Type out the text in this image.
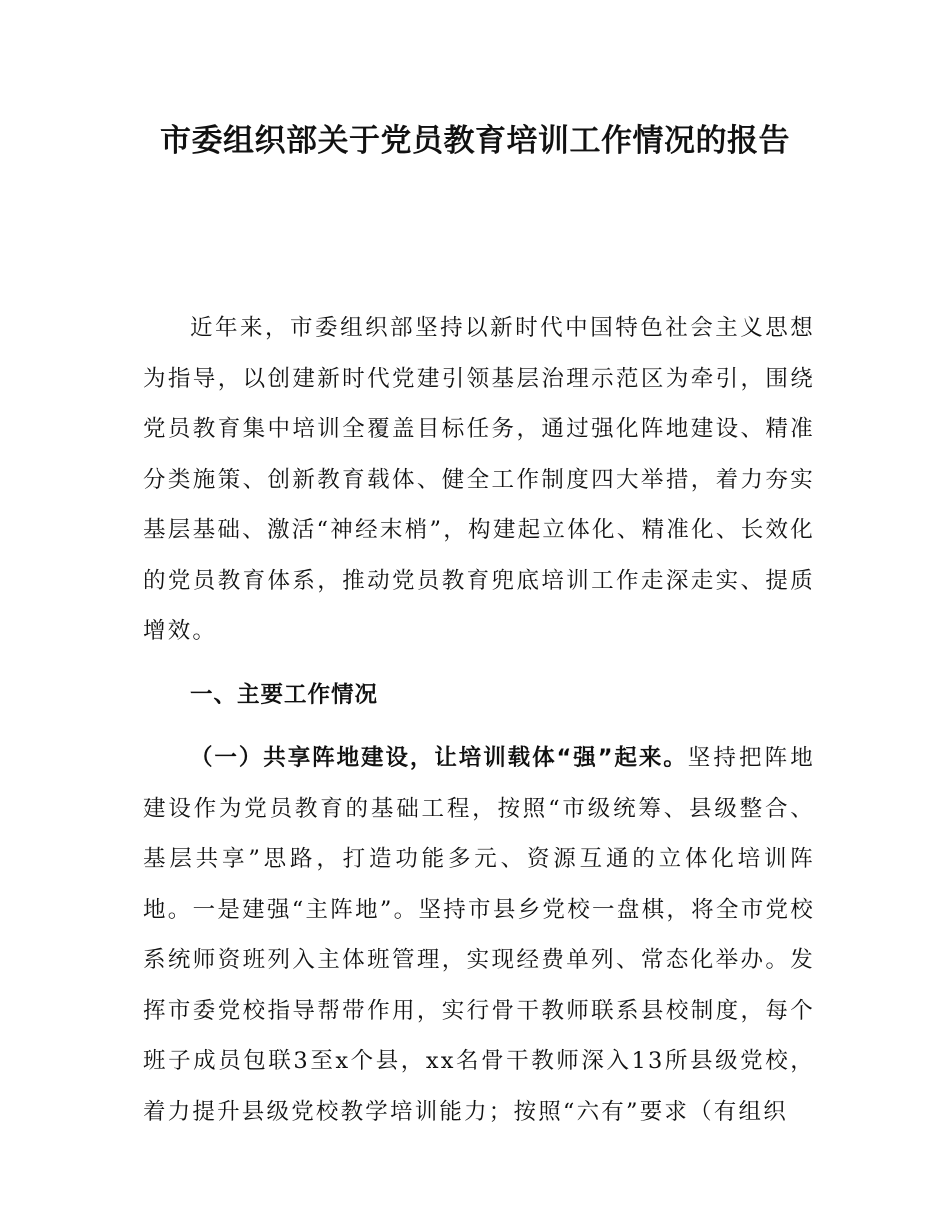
市委组织部关于党员教育培训工作情况的报告

近年来，市委组织部坚持以新时代中国特色社会主义思想为指导，以创建新时代党建引领基层治理示范区为牵引，围绕党员教育集中培训全覆盖目标任务，通过强化阵地建设、精准分类施策、创新教育载体、健全工作制度四大举措，着力夯实基层基础、激活“神经末梢”，构建起立体化、精准化、长效化的党员教育体系，推动党员教育兜底培训工作走深走实、提质增效。

一、主要工作情况

（一）共享阵地建设，让培训载体“强”起来。坚持把阵地建设作为党员教育的基础工程，按照“市级统筹、县级整合、基层共享”思路，打造功能多元、资源互通的立体化培训阵地。一是建强“主阵地”。坚持市县乡党校一盘棋，将全市党校系统师资班列入主体班管理，实现经费单列、常态化举办。发挥市委党校指导帮带作用，实行骨干教师联系县校制度，每个班子成员包联3至x个县，xx名骨干教师深入13所县级党校，着力提升县级党校教学培训能力；按照“六有”要求（有组织
